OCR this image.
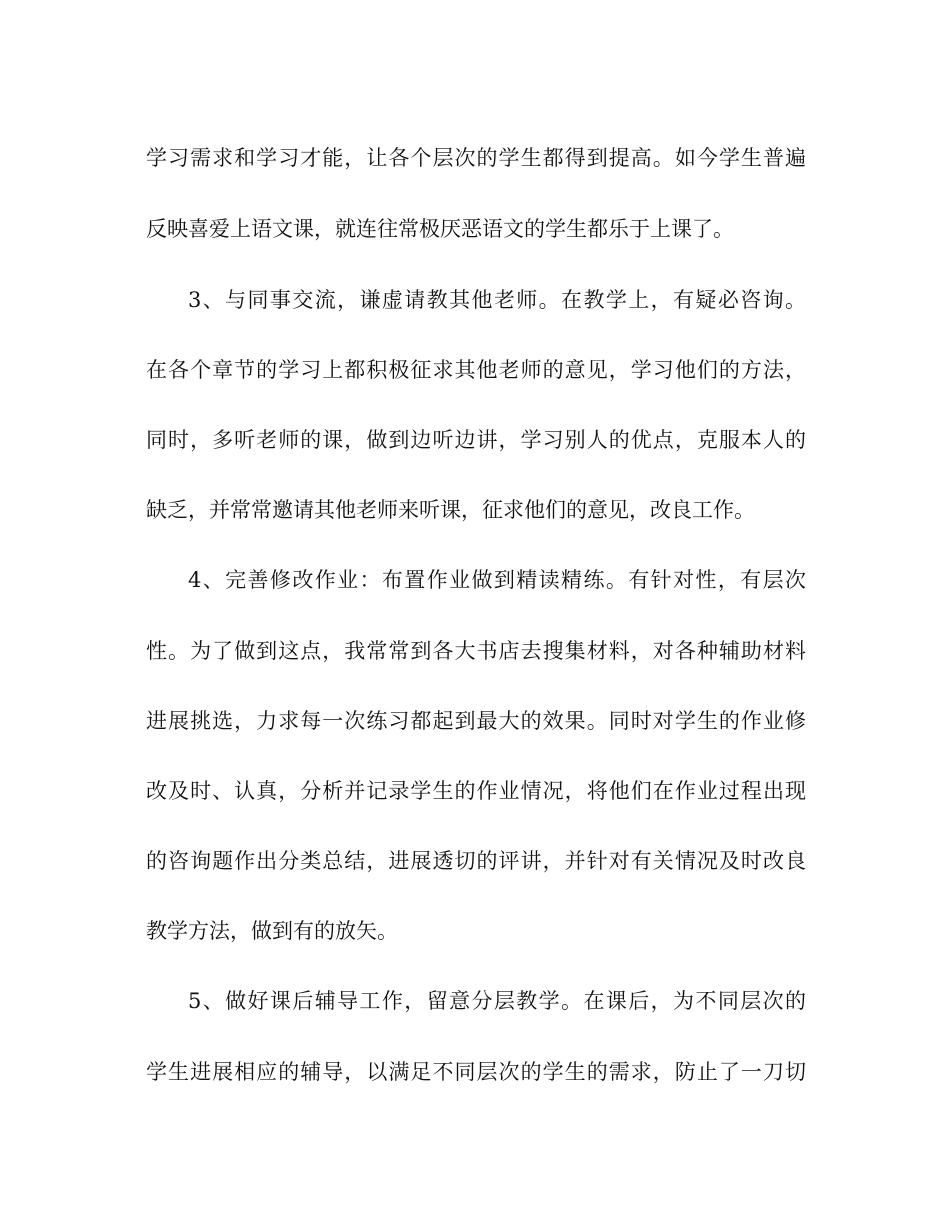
学习需求和学习才能，让各个层次的学生都得到提高。如今学生普遍
反映喜爱上语文课，就连往常极厌恶语文的学生都乐于上课了。
3、与同事交流，谦虚请教其他老师。在教学上，有疑必咨询。
在各个章节的学习上都积极征求其他老师的意见，学习他们的方法，
同时，多听老师的课，做到边听边讲，学习别人的优点，克服本人的
缺乏，并常常邀请其他老师来听课，征求他们的意见，改良工作。
4、完善修改作业：布置作业做到精读精练。有针对性，有层次
性。为了做到这点，我常常到各大书店去搜集材料，对各种辅助材料
进展挑选，力求每一次练习都起到最大的效果。同时对学生的作业修
改及时、认真，分析并记录学生的作业情况，将他们在作业过程出现
的咨询题作出分类总结，进展透切的评讲，并针对有关情况及时改良
教学方法，做到有的放矢。
5、做好课后辅导工作，留意分层教学。在课后，为不同层次的
学生进展相应的辅导，以满足不同层次的学生的需求，防止了一刀切
